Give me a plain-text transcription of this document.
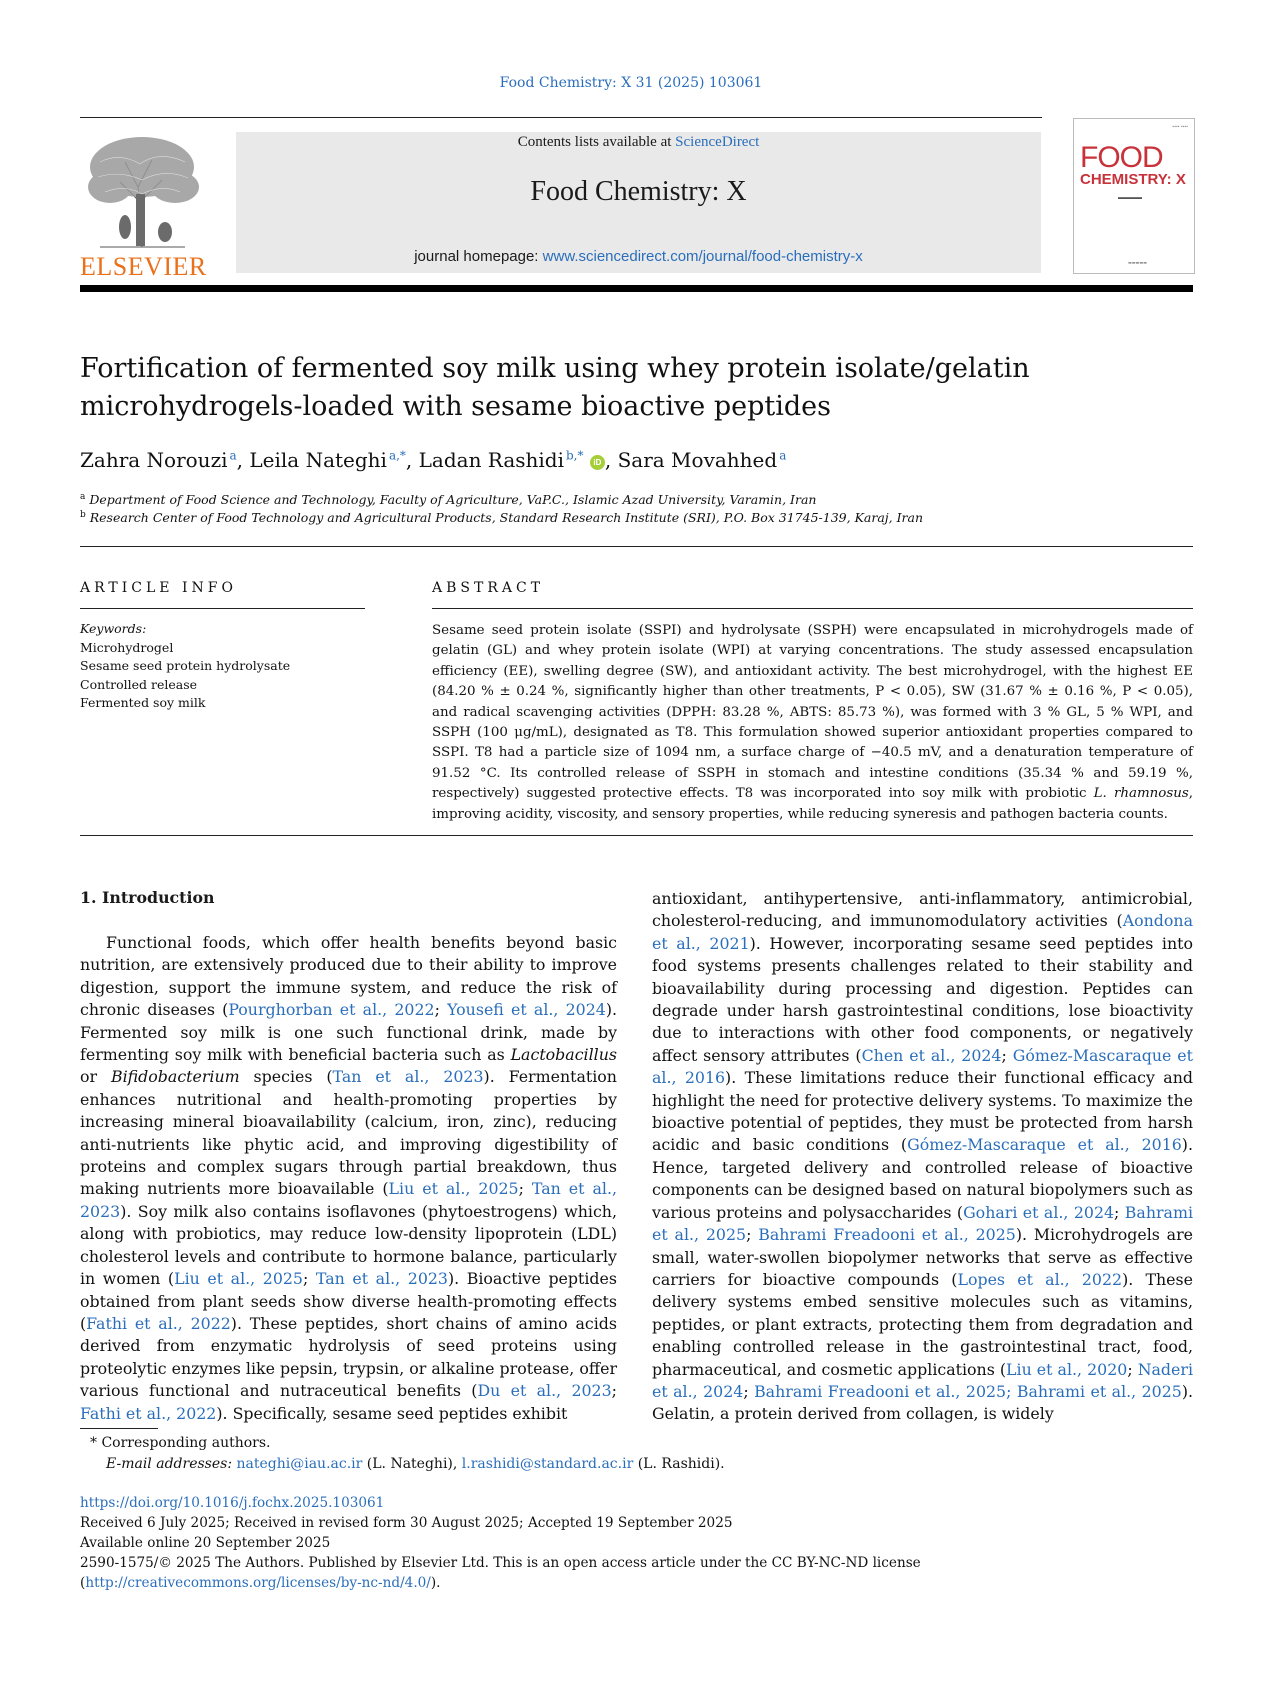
Food Chemistry: X 31 (2025) 103061
ELSEVIER
Contents lists available at ScienceDirect
Food Chemistry: X
journal homepage: www.sciencedirect.com/journal/food-chemistry-x
▪▪▪▪ ▪▪▪▪
FOOD
CHEMISTRY: X
▬▬▬▬
▬▬▬▬▬
Fortification of fermented soy milk using whey protein isolate/gelatin
microhydrogels-loaded with sesame bioactive peptides
Zahra Norouzi  $^a$, Leila Nateghi  $^{a,*}$, Ladan Rashidi  $^{b,*}$ iD , Sara Movahhed  $^a$
$^a$ Department of Food Science and Technology, Faculty of Agriculture, VaP.C., Islamic Azad University, Varamin, Iran
$^b$ Research Center of Food Technology and Agricultural Products, Standard Research Institute (SRI), P.O. Box 31745-139, Karaj, Iran
ARTICLE INFO
Keywords:
Microhydrogel
Sesame seed protein hydrolysate
Controlled release
Fermented soy milk
ABSTRACT
Sesame seed protein isolate (SSPI) and hydrolysate (SSPH) were encapsulated in microhydrogels made of gelatin (GL) and whey protein isolate (WPI) at varying concentrations. The study assessed encapsulation efficiency (EE), swelling degree (SW), and antioxidant activity. The best microhydrogel, with the highest EE (84.20 % ± 0.24 %, significantly higher than other treatments, P < 0.05), SW (31.67 % ± 0.16 %, P < 0.05), and radical scavenging activities (DPPH: 83.28 %, ABTS: 85.73 %), was formed with 3 % GL, 5 % WPI, and SSPH (100 μg/mL), designated as T8. This formulation showed superior antioxidant properties compared to SSPI. T8 had a particle size of 1094 nm, a surface charge of −40.5 mV, and a denaturation temperature of 91.52 °C. Its controlled release of SSPH in stomach and intestine conditions (35.34 % and 59.19 %, respectively) suggested protective effects. T8 was incorporated into soy milk with probiotic L. rhamnosus, improving acidity, viscosity, and sensory properties, while reducing syneresis and pathogen bacteria counts.
1. Introduction

Functional foods, which offer health benefits beyond basic nutrition, are extensively produced due to their ability to improve digestion, support the immune system, and reduce the risk of chronic diseases (Pourghorban et al., 2022; Yousefi et al., 2024). Fermented soy milk is one such functional drink, made by fermenting soy milk with beneficial bacteria such as Lactobacillus or Bifidobacterium species (Tan et al., 2023). Fermentation enhances nutritional and health-promoting properties by increasing mineral bioavailability (calcium, iron, zinc), reducing anti-nutrients like phytic acid, and improving digestibility of proteins and complex sugars through partial breakdown, thus making nutrients more bioavailable (Liu et al., 2025; Tan et al., 2023). Soy milk also contains isoflavones (phytoestrogens) which, along with probiotics, may reduce low-density lipoprotein (LDL) cholesterol levels and contribute to hormone balance, particularly in women (Liu et al., 2025; Tan et al., 2023). Bioactive peptides obtained from plant seeds show diverse health-promoting effects (Fathi et al., 2022). These peptides, short chains of amino acids derived from enzymatic hydrolysis of seed proteins using proteolytic enzymes like pepsin, trypsin, or alkaline protease, offer various functional and nutraceutical benefits (Du et al., 2023; Fathi et al., 2022). Specifically, sesame seed peptides exhibit

antioxidant, antihypertensive, anti-inflammatory, antimicrobial, cholesterol-reducing, and immunomodulatory activities (Aondona et al., 2021). However, incorporating sesame seed peptides into food systems presents challenges related to their stability and bioavailability during processing and digestion. Peptides can degrade under harsh gastrointestinal conditions, lose bioactivity due to interactions with other food components, or negatively affect sensory attributes (Chen et al., 2024; Gómez-Mascaraque et al., 2016). These limitations reduce their functional efficacy and highlight the need for protective delivery systems. To maximize the bioactive potential of peptides, they must be protected from harsh acidic and basic conditions (Gómez-Mascaraque et al., 2016). Hence, targeted delivery and controlled release of bioactive components can be designed based on natural biopolymers such as various proteins and polysaccharides (Gohari et al., 2024; Bahrami et al., 2025; Bahrami Freadooni et al., 2025). Microhydrogels are small, water-swollen biopolymer networks that serve as effective carriers for bioactive compounds (Lopes et al., 2022). These delivery systems embed sensitive molecules such as vitamins, peptides, or plant extracts, protecting them from degradation and enabling controlled release in the gastrointestinal tract, food, pharmaceutical, and cosmetic applications (Liu et al., 2020; Naderi et al., 2024; Bahrami Freadooni et al., 2025; Bahrami et al., 2025). Gelatin, a protein derived from collagen, is widely

* Corresponding authors.
E-mail addresses: nateghi@iau.ac.ir (L. Nateghi), l.rashidi@standard.ac.ir (L. Rashidi).
https://doi.org/10.1016/j.fochx.2025.103061
Received 6 July 2025; Received in revised form 30 August 2025; Accepted 19 September 2025
Available online 20 September 2025
2590-1575/© 2025 The Authors. Published by Elsevier Ltd. This is an open access article under the CC BY-NC-ND license (http://creativecommons.org/licenses/by-nc-nd/4.0/).
